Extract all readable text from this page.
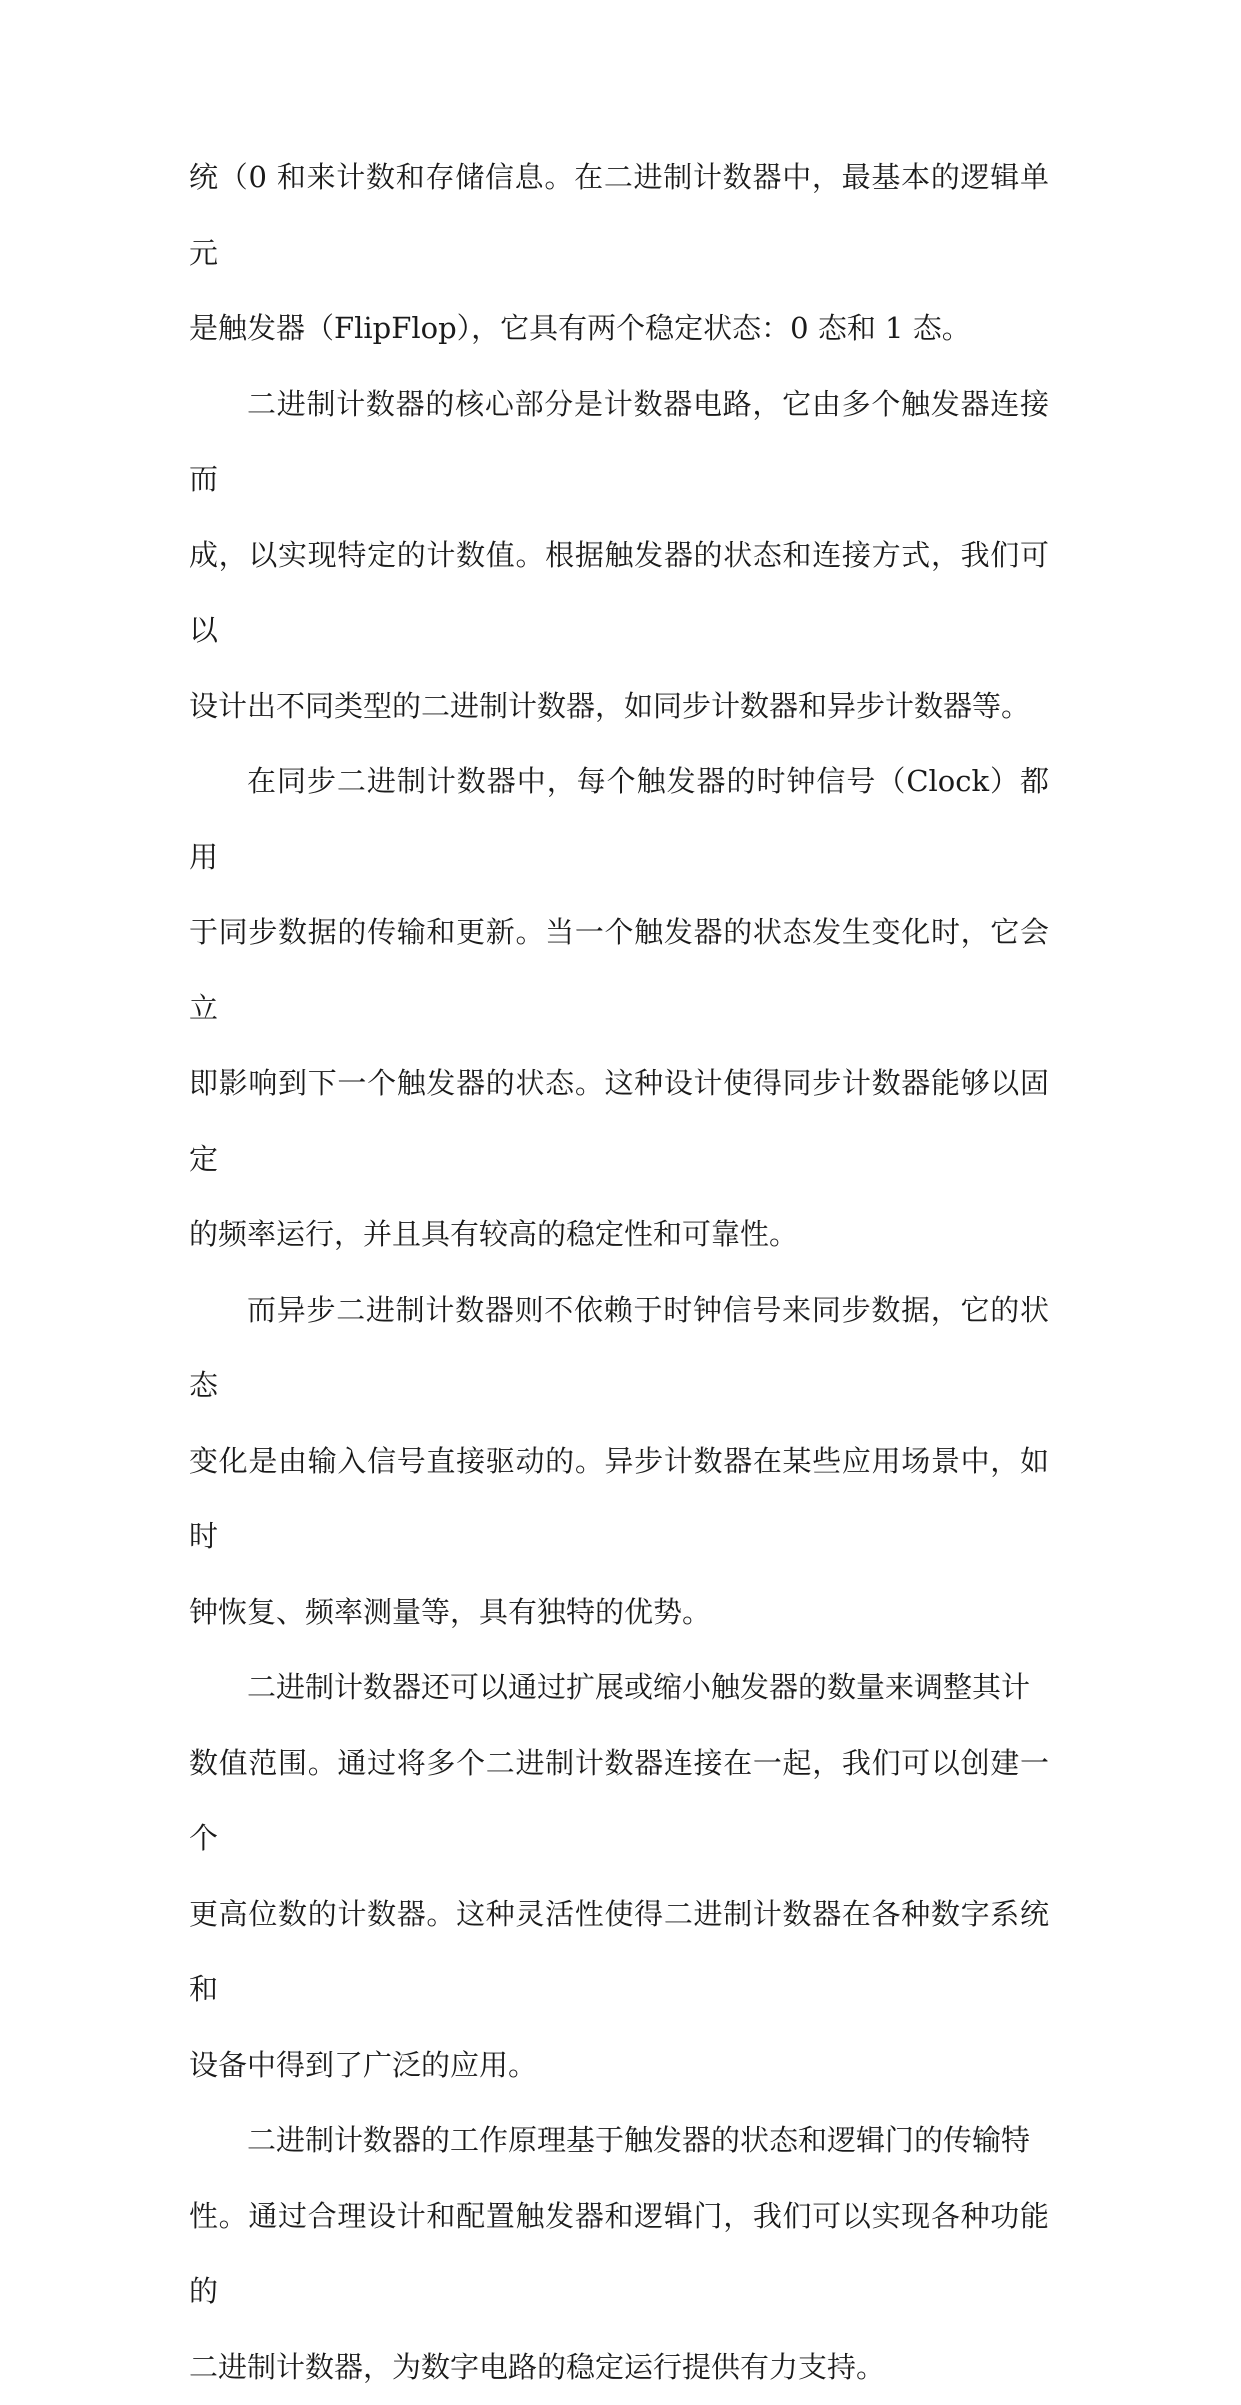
统（0 和来计数和存储信息。在二进制计数器中，最基本的逻辑单元
是触发器（FlipFlop），它具有两个稳定状态：0 态和 1 态。

二进制计数器的核心部分是计数器电路，它由多个触发器连接而
成，以实现特定的计数值。根据触发器的状态和连接方式，我们可以
设计出不同类型的二进制计数器，如同步计数器和异步计数器等。

在同步二进制计数器中，每个触发器的时钟信号（Clock）都用
于同步数据的传输和更新。当一个触发器的状态发生变化时，它会立
即影响到下一个触发器的状态。这种设计使得同步计数器能够以固定
的频率运行，并且具有较高的稳定性和可靠性。

而异步二进制计数器则不依赖于时钟信号来同步数据，它的状态
变化是由输入信号直接驱动的。异步计数器在某些应用场景中，如时
钟恢复、频率测量等，具有独特的优势。

二进制计数器还可以通过扩展或缩小触发器的数量来调整其计
数值范围。通过将多个二进制计数器连接在一起，我们可以创建一个
更高位数的计数器。这种灵活性使得二进制计数器在各种数字系统和
设备中得到了广泛的应用。

二进制计数器的工作原理基于触发器的状态和逻辑门的传输特
性。通过合理设计和配置触发器和逻辑门，我们可以实现各种功能的
二进制计数器，为数字电路的稳定运行提供有力支持。
